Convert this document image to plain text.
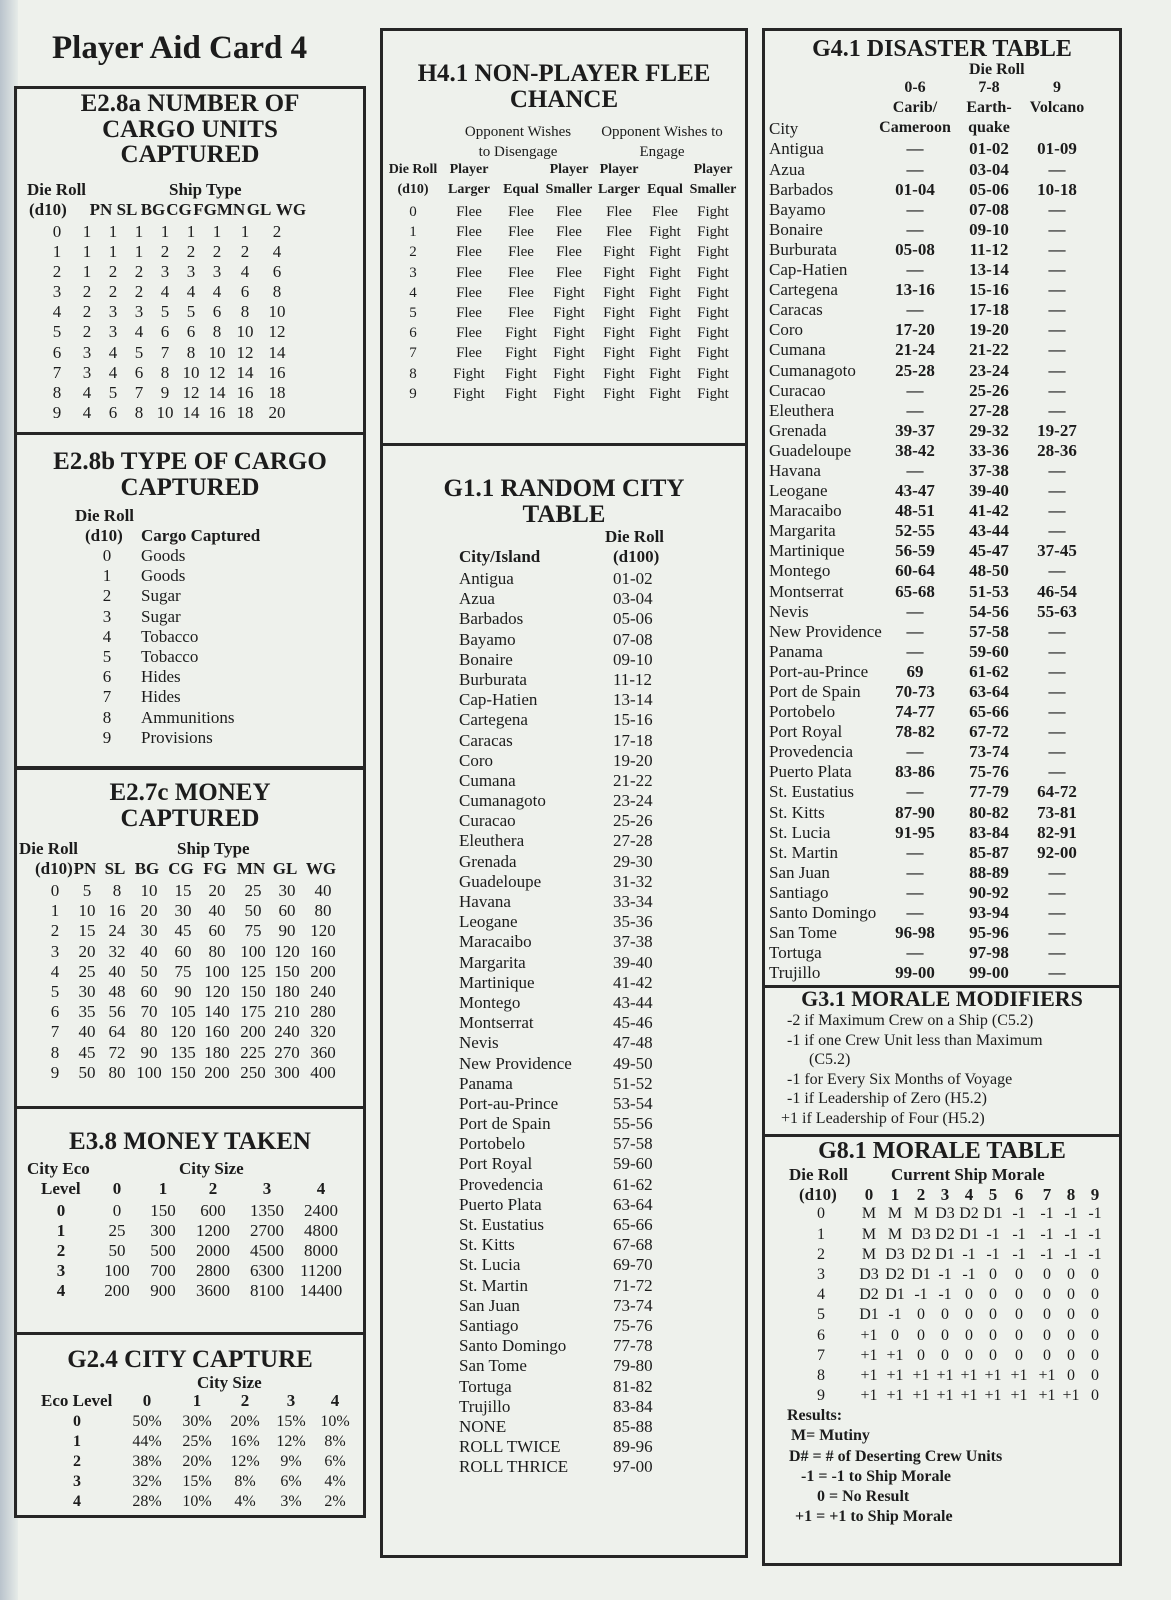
Player Aid Card 4
E2.8a NUMBER OF CARGO UNITS CAPTURED
Die Roll	Ship Type
(d10)	PN SL BG CG FG MN GL WG
0	1	1	1	1	1	1	1	2
1	1	1	1	2	2	2	2	4
2	1	2	2	3	3	3	4	6
3	2	2	2	4	4	4	6	8
4	2	3	3	5	5	6	8	10
5	2	3	4	6	6	8 10 12
6	3	4	5	7	8 10 12 14
7	3	4	6	8 10 12 14 16
8	4	5	7	9 12 14 16 18
9	4	6	8 10 14 16 18 20
E2.8b TYPE OF CARGO CAPTURED
Die Roll
(d10) Cargo Captured
0	Goods
1	Goods
2	Sugar
3	Sugar
4	Tobacco
5	Tobacco
6	Hides
7	Hides
8	Ammunitions
9	Provisions
E2.7c MONEY CAPTURED
Die Roll	Ship Type
(d10) PN SL BG CG FG MN GL WG
0	5	8	10	15	20	25	30	40
1	10 16 20	30	40	50	60	80
2	15 24 30	45	60	75	90 120
3	20 32 40	60	80 100 120 160
4	25 40 50	75 100 125 150 200
5	30 48 60	90 120 150 180 240
6	35 56 70 105 140 175 210 280
7	40 64 80 120 160 200 240 320
8	45 72 90 135 180 225 270 360
9	50 80 100 150 200 250 300 400
E3.8 MONEY TAKEN
City Eco	City Size
Level	0	1	2	3	4
0	0	150	600	1350	2400
1	25	300	1200	2700	4800
2	50	500	2000	4500	8000
3	100	700	2800	6300 11200
4	200	900	3600	8100 14400
G2.4 CITY CAPTURE
City Size
Eco Level	0	1	2	3	4
0	50%	30%	20%	15% 10%
1	44%	25%	16%	12%	8%
2	38%	20%	12%	9%	6%
3	32%	15%	8%	6%	4%
4	28%	10%	4%	3%	2%
H4.1 NON-PLAYER FLEE CHANCE
Opponent Wishes to Disengage
Opponent Wishes to Engage
Die Roll Player	Player Player	Player
(d10)	Larger Equal Smaller Larger Equal Smaller
0	Flee	Flee	Flee	Flee	Flee	Fight
1	Flee	Flee	Flee	Flee	Fight	Fight
2	Flee	Flee	Flee	Fight Fight	Fight
3	Flee	Flee	Flee	Fight Fight	Fight
4	Flee	Flee	Fight	Fight Fight	Fight
5	Flee	Flee	Fight	Fight Fight	Fight
6	Flee	Fight	Fight	Fight Fight	Fight
7	Flee	Fight	Fight	Fight Fight	Fight
8	Fight	Fight	Fight	Fight Fight	Fight
9	Fight	Fight	Fight	Fight Fight	Fight
G1.1 RANDOM CITY TABLE
Die Roll
City/Island	(d100)
Antigua	01-02
Azua	03-04
Barbados	05-06
Bayamo	07-08
Bonaire	09-10
Burburata	11-12
Cap-Hatien	13-14
Cartegena	15-16
Caracas	17-18
Coro	19-20
Cumana	21-22
Cumanagoto	23-24
Curacao	25-26
Eleuthera	27-28
Grenada	29-30
Guadeloupe	31-32
Havana	33-34
Leogane	35-36
Maracaibo	37-38
Margarita	39-40
Martinique	41-42
Montego	43-44
Montserrat	45-46
Nevis	47-48
New Providence 49-50
Panama	51-52
Port-au-Prince	53-54
Port de Spain	55-56
Portobelo	57-58
Port Royal	59-60
Provedencia	61-62
Puerto Plata	63-64
St. Eustatius	65-66
St. Kitts	67-68
St. Lucia	69-70
St. Martin	71-72
San Juan	73-74
Santiago	75-76
Santo Domingo	77-78
San Tome	79-80
Tortuga	81-82
Trujillo	83-84
NONE	85-88
ROLL TWICE	89-96
ROLL THRICE	97-00
G4.1 DISASTER TABLE
Die Roll
0-6	7-8	9
Carib/	Earth-	Volcano
City	Cameroon	quake
Antigua	—	01-02	01-09
Azua	—	03-04	—
Barbados	01-04	05-06	10-18
Bayamo	—	07-08	—
Bonaire	—	09-10	—
Burburata	05-08	11-12	—
Cap-Hatien	—	13-14	—
Cartegena	13-16	15-16	—
Caracas	—	17-18	—
Coro	17-20	19-20	—
Cumana	21-24	21-22	—
Cumanagoto	25-28	23-24	—
Curacao	—	25-26	—
Eleuthera	—	27-28	—
Grenada	39-37	29-32	19-27
Guadeloupe	38-42	33-36	28-36
Havana	—	37-38	—
Leogane	43-47	39-40	—
Maracaibo	48-51	41-42	—
Margarita	52-55	43-44	—
Martinique	56-59	45-47	37-45
Montego	60-64	48-50	—
Montserrat	65-68	51-53	46-54
Nevis	—	54-56	55-63
New Providence	—	57-58	—
Panama	—	59-60	—
Port-au-Prince	69	61-62	—
Port de Spain	70-73	63-64	—
Portobelo	74-77	65-66	—
Port Royal	78-82	67-72	—
Provedencia	—	73-74	—
Puerto Plata	83-86	75-76	—
St. Eustatius	—	77-79	64-72
St. Kitts	87-90	80-82	73-81
St. Lucia	91-95	83-84	82-91
St. Martin	—	85-87	92-00
San Juan	—	88-89	—
Santiago	—	90-92	—
Santo Domingo	—	93-94	—
San Tome	96-98	95-96	—
Tortuga	—	97-98	—
Trujillo	99-00	99-00	—
G3.1 MORALE MODIFIERS
-2 if Maximum Crew on a Ship (C5.2)
-1 if one Crew Unit less than Maximum
(C5.2)
-1 for Every Six Months of Voyage
-1 if Leadership of Zero (H5.2)
+1 if Leadership of Four (H5.2)
G8.1 MORALE TABLE
Die Roll	Current Ship Morale
(d10)	0	1	2 3 4 5	6	7 8 9
0	M M M D3 D2 D1 -1 -1 -1 -1
1	M M D3 D2 D1 -1 -1 -1 -1 -1
2	M D3 D2 D1 -1 -1 -1 -1 -1 -1
3	D3 D2 D1 -1 -1 0	0	0	0	0
4	D2 D1 -1 -1 0	0	0	0	0	0
5	D1 -1 0	0	0	0	0	0	0	0
6	+1 0	0	0	0	0	0	0	0	0
7	+1 +1 0	0	0	0	0	0	0	0
8	+1 +1 +1 +1 +1 +1 +1 +1 0	0
9	+1 +1 +1 +1 +1 +1 +1 +1 +1 0
Results:
M= Mutiny
D# = # of Deserting Crew Units
-1 = -1 to Ship Morale
0 = No Result
+1 = +1 to Ship Morale
